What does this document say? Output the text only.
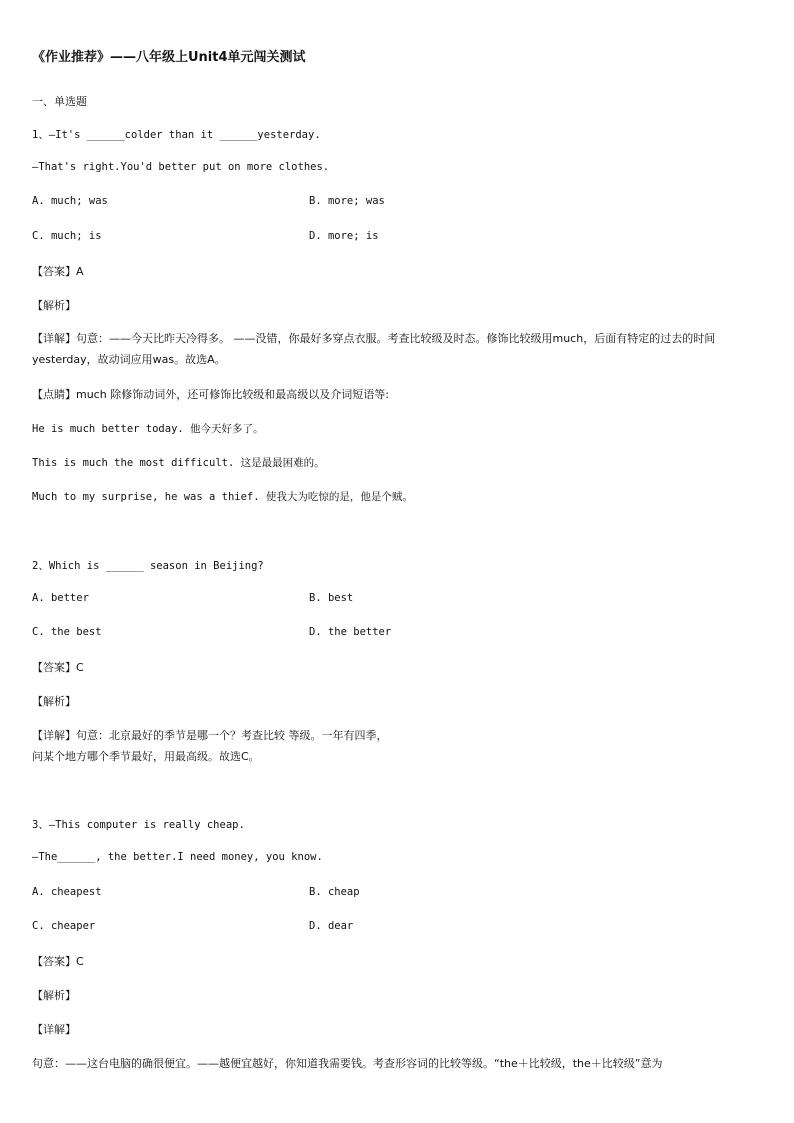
《作业推荐》——八年级上Unit4单元闯关测试
一、单选题
1、—It's ______colder than it ______yesterday.
—That's right.You'd better put on more clothes.
A. much; was	B. more; was
C. much; is	D. more; is
【答案】A
【解析】
【详解】句意：——今天比昨天冷得多。 ——没错，你最好多穿点衣服。考查比较级及时态。修饰比较级用much，后面有特定的过去的时间yesterday，故动词应用was。故选A。
【点睛】much 除修饰动词外，还可修饰比较级和最高级以及介词短语等:
He is much better today. 他今天好多了。
This is much the most difficult. 这是最最困难的。
Much to my surprise, he was a thief. 使我大为吃惊的是，他是个贼。
2、Which is ______ season in Beijing?
A. better	B. best
C. the best	D. the better
【答案】C
【解析】
【详解】句意：北京最好的季节是哪一个？考查比较 等级。一年有四季，
问某个地方哪个季节最好，用最高级。故选C。
3、—This computer is really cheap.
—The______, the better.I need money, you know.
A. cheapest	B. cheap
C. cheaper	D. dear
【答案】C
【解析】
【详解】
句意：——这台电脑的确很便宜。——越便宜越好，你知道我需要钱。考查形容词的比较等级。“the＋比较级，the＋比较级”意为
